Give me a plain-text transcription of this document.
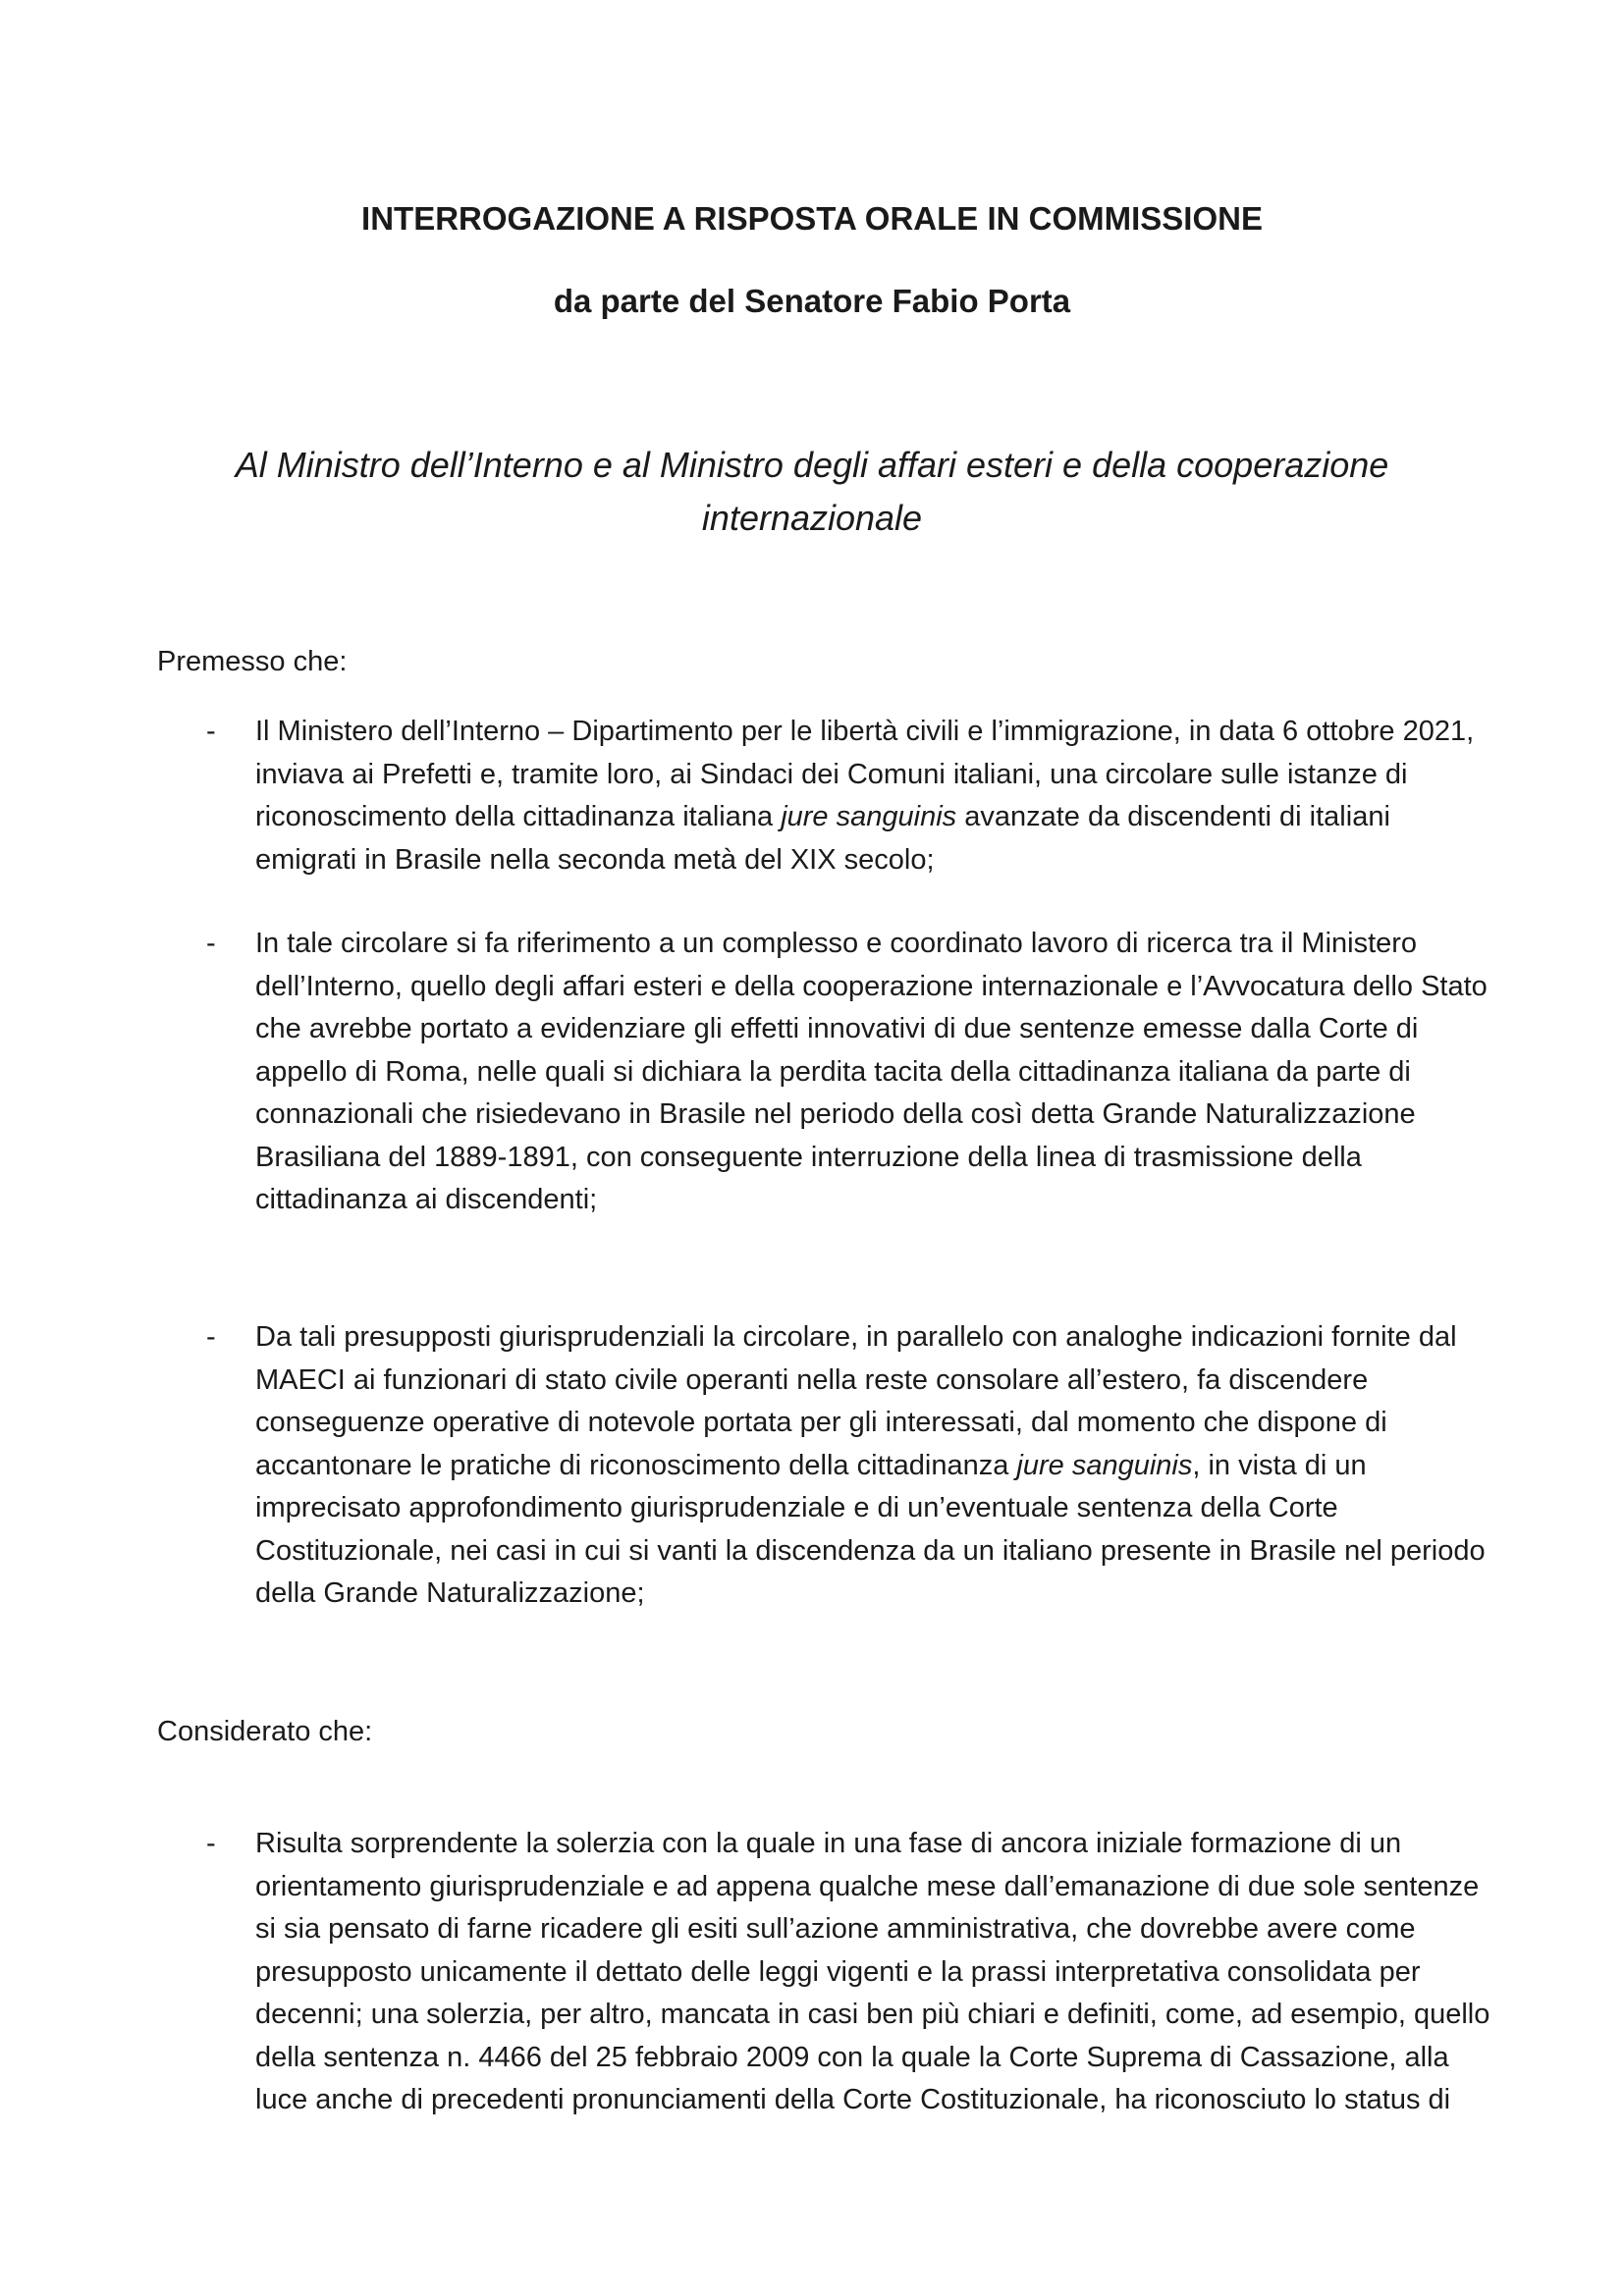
INTERROGAZIONE A RISPOSTA ORALE IN COMMISSIONE
da parte del Senatore Fabio Porta

Al Ministro dell’Interno e al Ministro degli affari esteri e della cooperazione internazionale

Premesso che:

- Il Ministero dell’Interno – Dipartimento per le libertà civili e l’immigrazione, in data 6 ottobre 2021, inviava ai Prefetti e, tramite loro, ai Sindaci dei Comuni italiani, una circolare sulle istanze di riconoscimento della cittadinanza italiana jure sanguinis avanzate da discendenti di italiani emigrati in Brasile nella seconda metà del XIX secolo;

- In tale circolare si fa riferimento a un complesso e coordinato lavoro di ricerca tra il Ministero dell’Interno, quello degli affari esteri e della cooperazione internazionale e l’Avvocatura dello Stato che avrebbe portato a evidenziare gli effetti innovativi di due sentenze emesse dalla Corte di appello di Roma, nelle quali si dichiara la perdita tacita della cittadinanza italiana da parte di connazionali che risiedevano in Brasile nel periodo della così detta Grande Naturalizzazione Brasiliana del 1889-1891, con conseguente interruzione della linea di trasmissione della cittadinanza ai discendenti;

- Da tali presupposti giurisprudenziali la circolare, in parallelo con analoghe indicazioni fornite dal MAECI ai funzionari di stato civile operanti nella reste consolare all’estero, fa discendere conseguenze operative di notevole portata per gli interessati, dal momento che dispone di accantonare le pratiche di riconoscimento della cittadinanza jure sanguinis, in vista di un imprecisato approfondimento giurisprudenziale e di un’eventuale sentenza della Corte Costituzionale, nei casi in cui si vanti la discendenza da un italiano presente in Brasile nel periodo della Grande Naturalizzazione;

Considerato che:

- Risulta sorprendente la solerzia con la quale in una fase di ancora iniziale formazione di un orientamento giurisprudenziale e ad appena qualche mese dall’emanazione di due sole sentenze si sia pensato di farne ricadere gli esiti sull’azione amministrativa, che dovrebbe avere come presupposto unicamente il dettato delle leggi vigenti e la prassi interpretativa consolidata per decenni; una solerzia, per altro, mancata in casi ben più chiari e definiti, come, ad esempio, quello della sentenza n. 4466 del 25 febbraio 2009 con la quale la Corte Suprema di Cassazione, alla luce anche di precedenti pronunciamenti della Corte Costituzionale, ha riconosciuto lo status di
